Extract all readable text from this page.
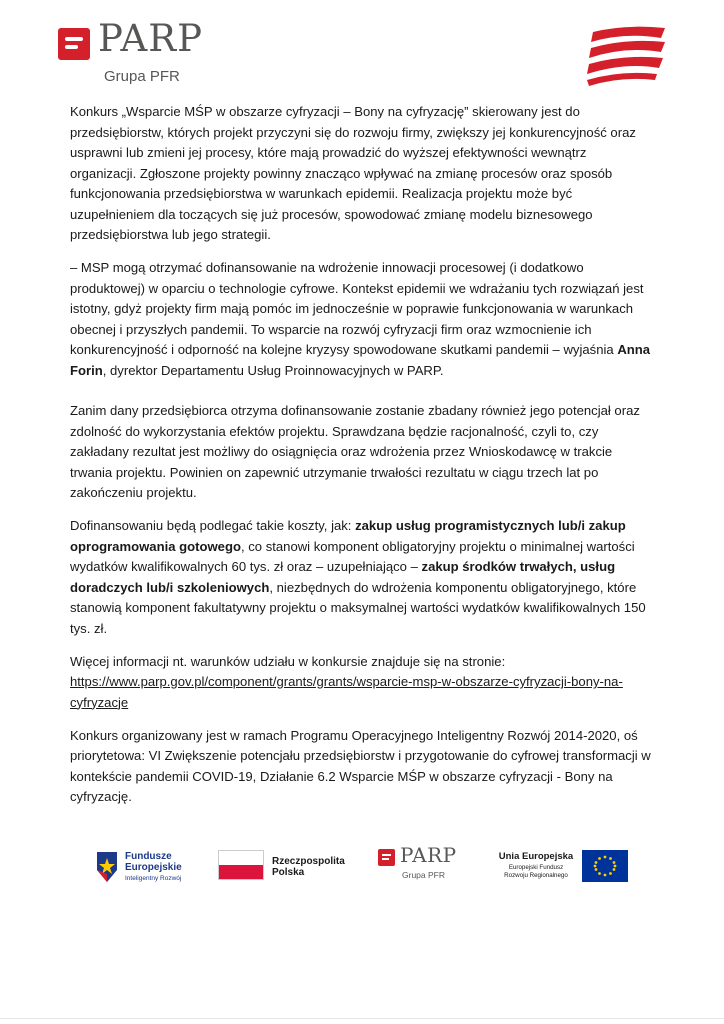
PARP
Grupa PFR

Konkurs „Wsparcie MŚP w obszarze cyfryzacji – Bony na cyfryzację” skierowany jest do przedsiębiorstw, których projekt przyczyni się do rozwoju firmy, zwiększy jej konkurencyjność oraz usprawni lub zmieni jej procesy, które mają prowadzić do wyższej efektywności wewnątrz organizacji. Zgłoszone projekty powinny znacząco wpływać na zmianę procesów oraz sposób funkcjonowania przedsiębiorstwa w warunkach epidemii. Realizacja projektu może być uzupełnieniem dla toczących się już procesów, spowodować zmianę modelu biznesowego przedsiębiorstwa lub jego strategii.

– MSP mogą otrzymać dofinansowanie na wdrożenie innowacji procesowej (i dodatkowo produktowej) w oparciu o technologie cyfrowe. Kontekst epidemii we wdrażaniu tych rozwiązań jest istotny, gdyż projekty firm mają pomóc im jednocześnie w poprawie funkcjonowania w warunkach obecnej i przyszłych pandemii. To wsparcie na rozwój cyfryzacji firm oraz wzmocnienie ich konkurencyjność i odporność na kolejne kryzysy spowodowane skutkami pandemii – wyjaśnia Anna Forin, dyrektor Departamentu Usług Proinnowacyjnych w PARP.

Zanim dany przedsiębiorca otrzyma dofinansowanie zostanie zbadany również jego potencjał oraz zdolność do wykorzystania efektów projektu. Sprawdzana będzie racjonalność, czyli to, czy zakładany rezultat jest możliwy do osiągnięcia oraz wdrożenia przez Wnioskodawcę w trakcie trwania projektu. Powinien on zapewnić utrzymanie trwałości rezultatu w ciągu trzech lat po zakończeniu projektu.

Dofinansowaniu będą podlegać takie koszty, jak: zakup usług programistycznych lub/i zakup oprogramowania gotowego, co stanowi komponent obligatoryjny projektu o minimalnej wartości wydatków kwalifikowalnych 60 tys. zł oraz – uzupełniająco – zakup środków trwałych, usług doradczych lub/i szkoleniowych, niezbędnych do wdrożenia komponentu obligatoryjnego, które stanowią komponent fakultatywny projektu o maksymalnej wartości wydatków kwalifikowalnych 150 tys. zł.

Więcej informacji nt. warunków udziału w konkursie znajduje się na stronie: https://www.parp.gov.pl/component/grants/grants/wsparcie-msp-w-obszarze-cyfryzacji-bony-na-cyfryzacje

Konkurs organizowany jest w ramach Programu Operacyjnego Inteligentny Rozwój 2014-2020, oś priorytetowa: VI Zwiększenie potencjału przedsiębiorstw i przygotowanie do cyfrowej transformacji w kontekście pandemii COVID-19, Działanie 6.2 Wsparcie MŚP w obszarze cyfryzacji - Bony na cyfryzację.

Fundusze
Europejskie
Inteligentny Rozwój
Rzeczpospolita
Polska
PARP
Grupa PFR
Unia Europejska
Europejski Fundusz
Rozwoju Regionalnego
